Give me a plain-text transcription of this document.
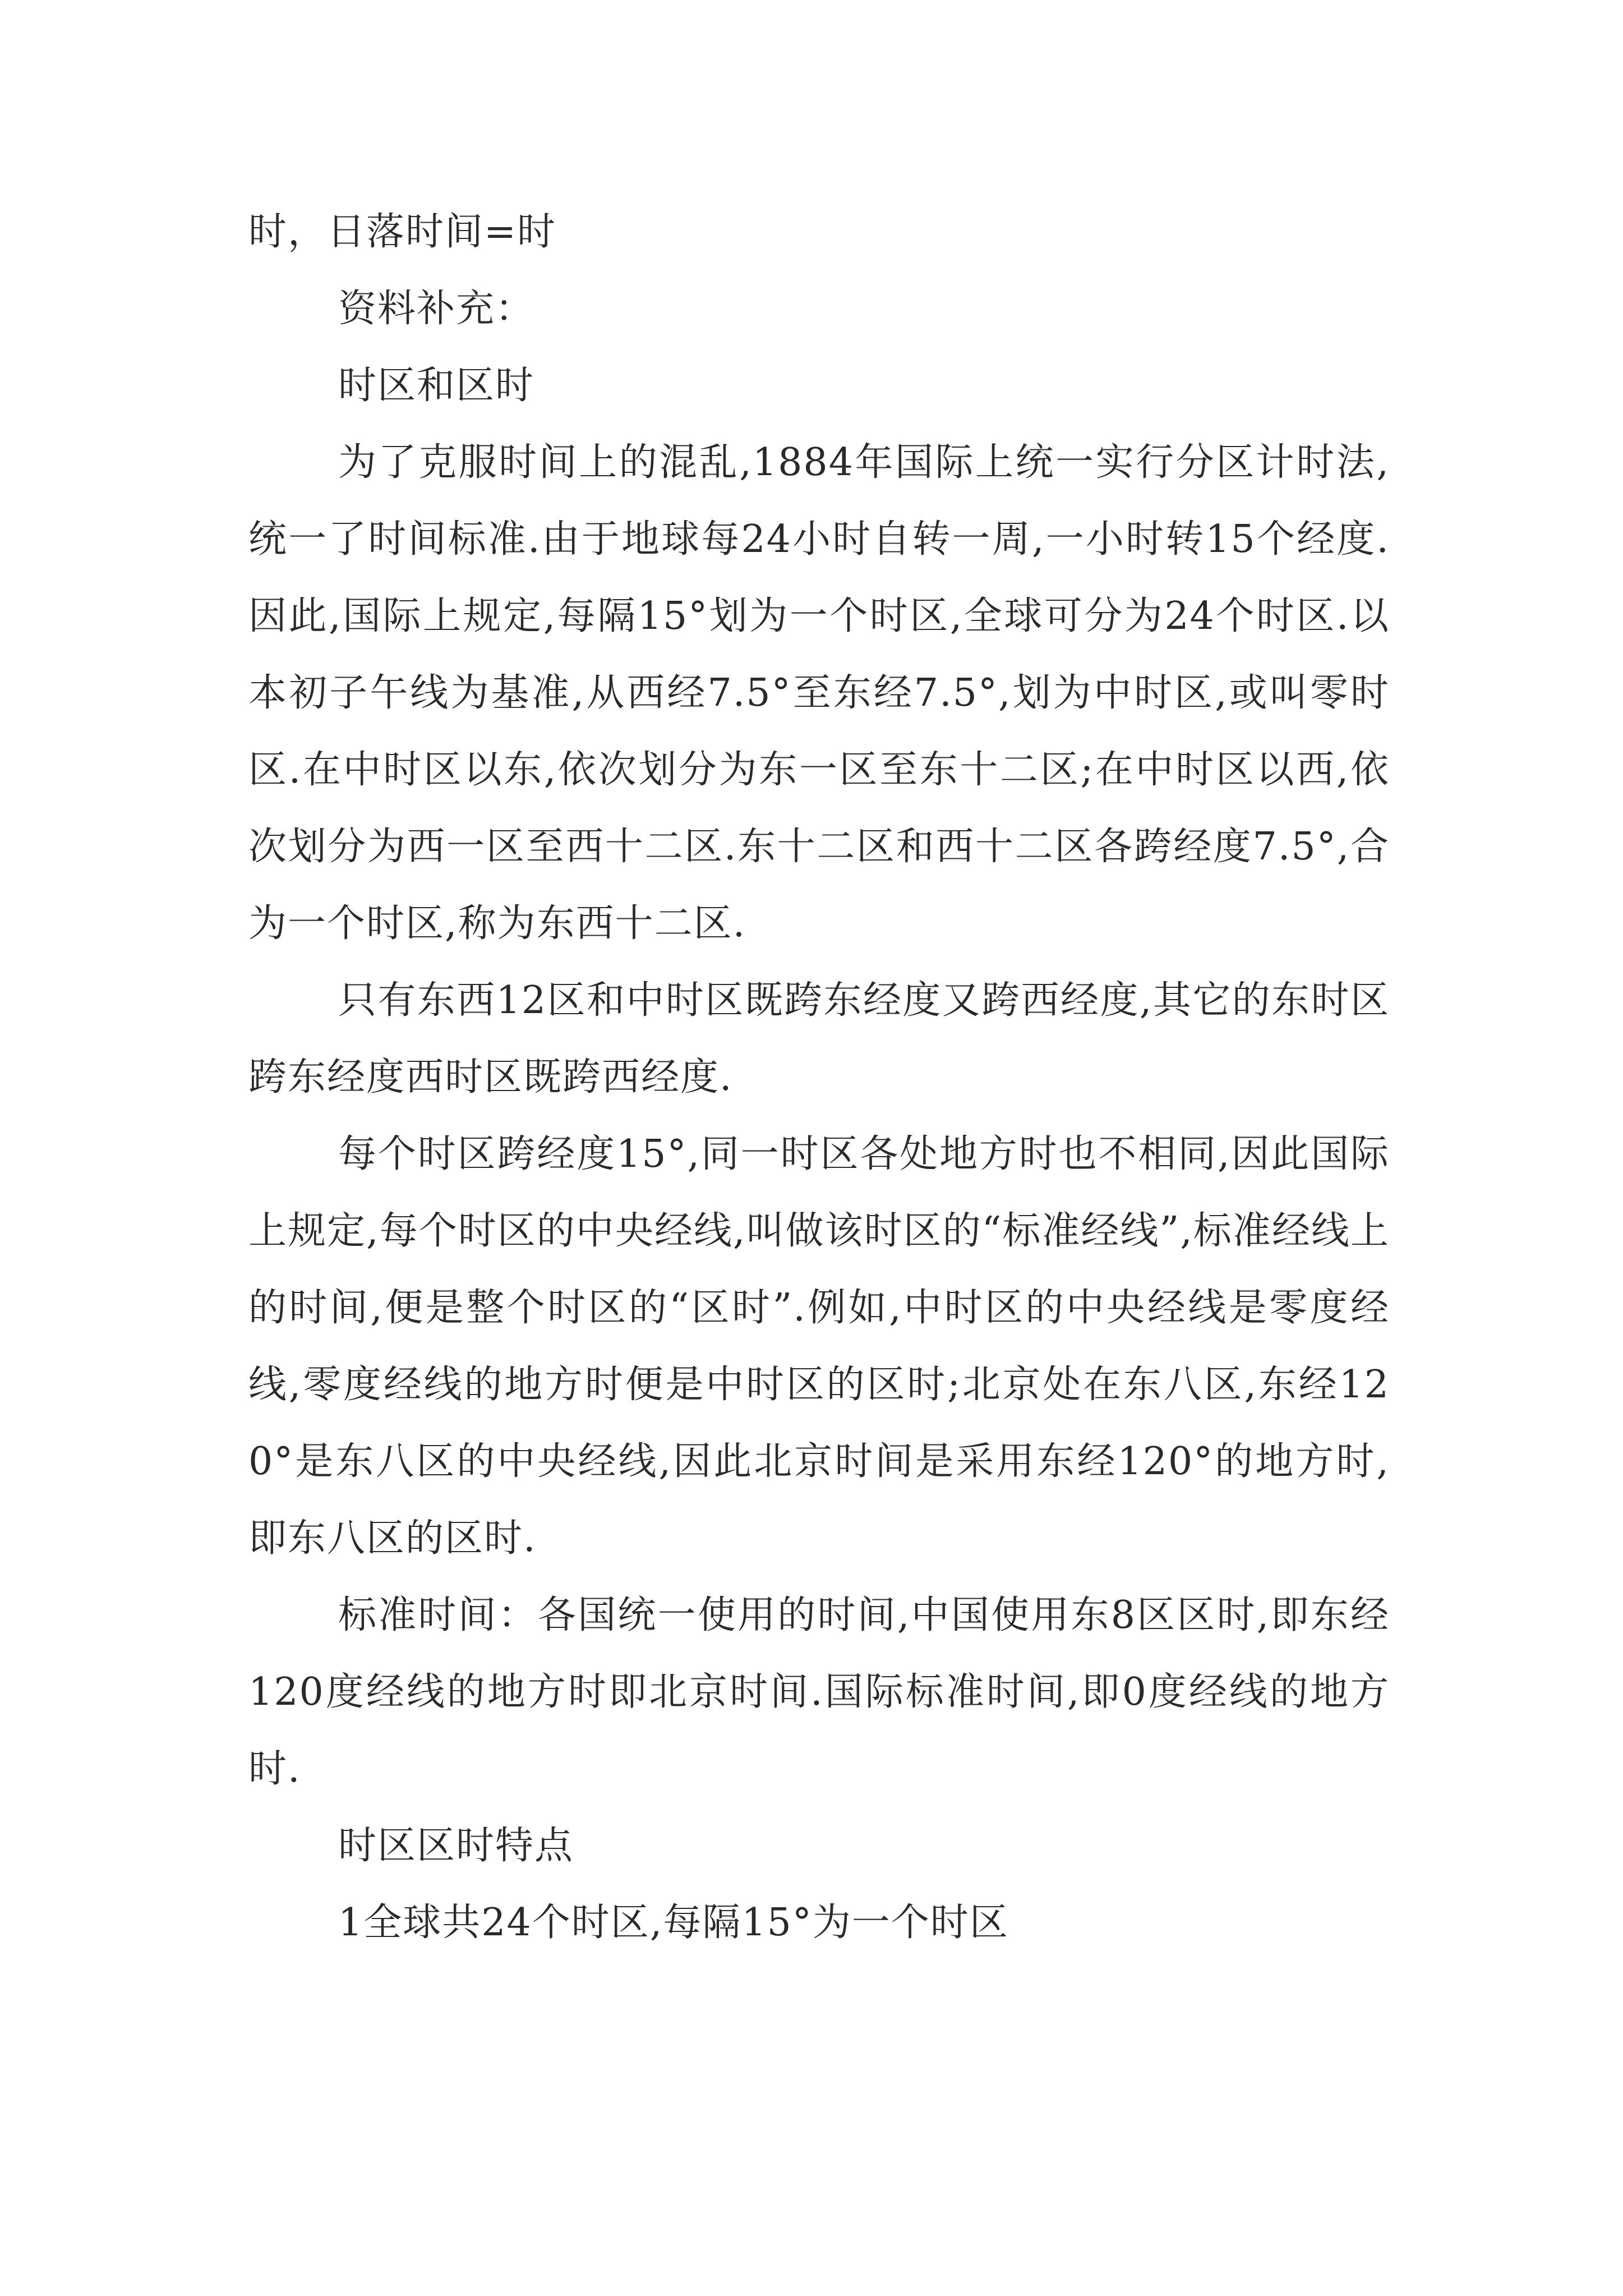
时，日落时间=时

资料补充：

时区和区时

为了克服时间上的混乱,1884年国际上统一实行分区计时法,统一了时间标准.由于地球每24小时自转一周,一小时转15个经度.因此,国际上规定,每隔15°划为一个时区,全球可分为24个时区.以本初子午线为基准,从西经7.5°至东经7.5°,划为中时区,或叫零时区.在中时区以东,依次划分为东一区至东十二区;在中时区以西,依次划分为西一区至西十二区.东十二区和西十二区各跨经度7.5°,合为一个时区,称为东西十二区.

只有东西12区和中时区既跨东经度又跨西经度,其它的东时区跨东经度西时区既跨西经度.

每个时区跨经度15°,同一时区各处地方时也不相同,因此国际上规定,每个时区的中央经线,叫做该时区的“标准经线”,标准经线上的时间,便是整个时区的“区时”.例如,中时区的中央经线是零度经线,零度经线的地方时便是中时区的区时;北京处在东八区,东经120°是东八区的中央经线,因此北京时间是采用东经120°的地方时,即东八区的区时.

标准时间：各国统一使用的时间,中国使用东8区区时,即东经120度经线的地方时即北京时间.国际标准时间,即0度经线的地方时.

时区区时特点

1全球共24个时区,每隔15°为一个时区
